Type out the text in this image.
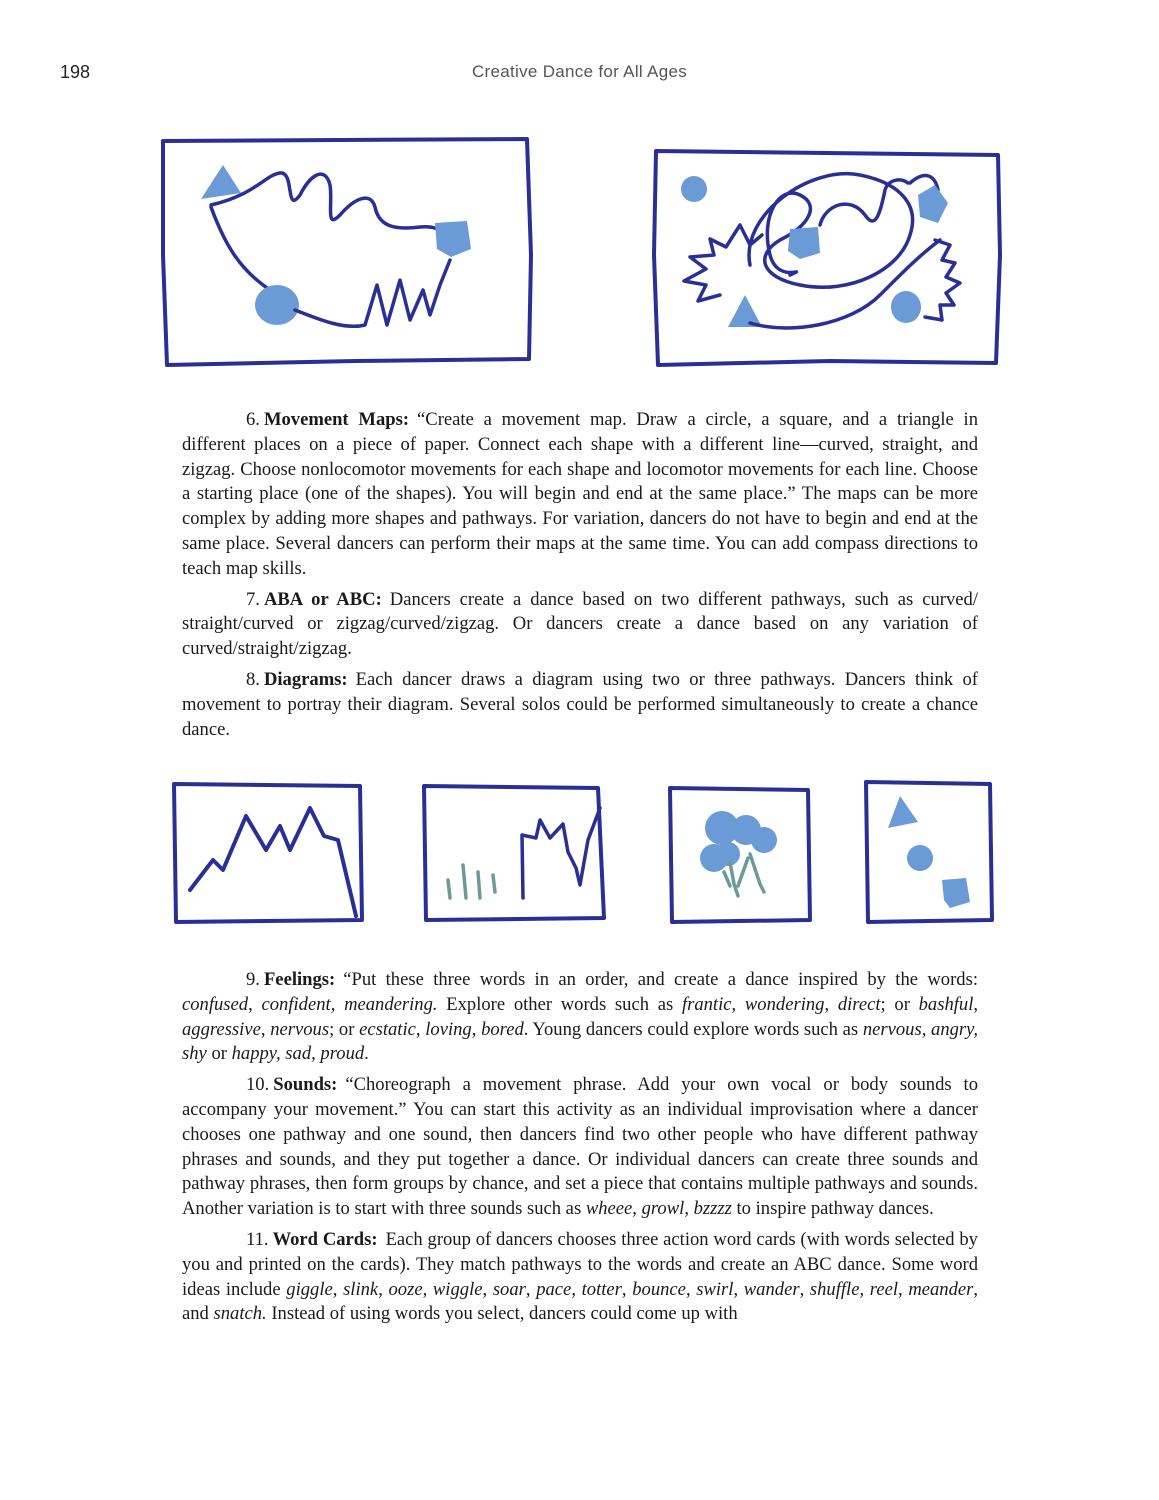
198	Creative Dance for All Ages

6. Movement Maps: “Create a movement map. Draw a circle, a square, and a triangle in different places on a piece of paper. Connect each shape with a different line—curved, straight, and zigzag. Choose nonlocomotor movements for each shape and locomotor movements for each line. Choose a starting place (one of the shapes). You will begin and end at the same place.” The maps can be more complex by adding more shapes and pathways. For variation, dancers do not have to begin and end at the same place. Several dancers can perform their maps at the same time. You can add compass directions to teach map skills.

7. ABA or ABC: Dancers create a dance based on two different pathways, such as curved/ straight/curved or zigzag/curved/zigzag. Or dancers create a dance based on any variation of curved/straight/zigzag.

8. Diagrams: Each dancer draws a diagram using two or three pathways. Dancers think of movement to portray their diagram. Several solos could be performed simultaneously to create a chance dance.

9. Feelings: “Put these three words in an order, and create a dance inspired by the words: confused, confident, meandering. Explore other words such as frantic, wondering, direct; or bashful, aggressive, nervous; or ecstatic, loving, bored. Young dancers could explore words such as nervous, angry, shy or happy, sad, proud.

10. Sounds: “Choreograph a movement phrase. Add your own vocal or body sounds to accompany your movement.” You can start this activity as an individual improvisation where a dancer chooses one pathway and one sound, then dancers find two other people who have different pathway phrases and sounds, and they put together a dance. Or individual dancers can create three sounds and pathway phrases, then form groups by chance, and set a piece that contains multiple pathways and sounds. Another variation is to start with three sounds such as wheee, growl, bzzzz to inspire pathway dances.

11. Word Cards: Each group of dancers chooses three action word cards (with words selected by you and printed on the cards). They match pathways to the words and create an ABC dance. Some word ideas include giggle, slink, ooze, wiggle, soar, pace, totter, bounce, swirl, wander, shuffle, reel, meander, and snatch. Instead of using words you select, dancers could come up with
